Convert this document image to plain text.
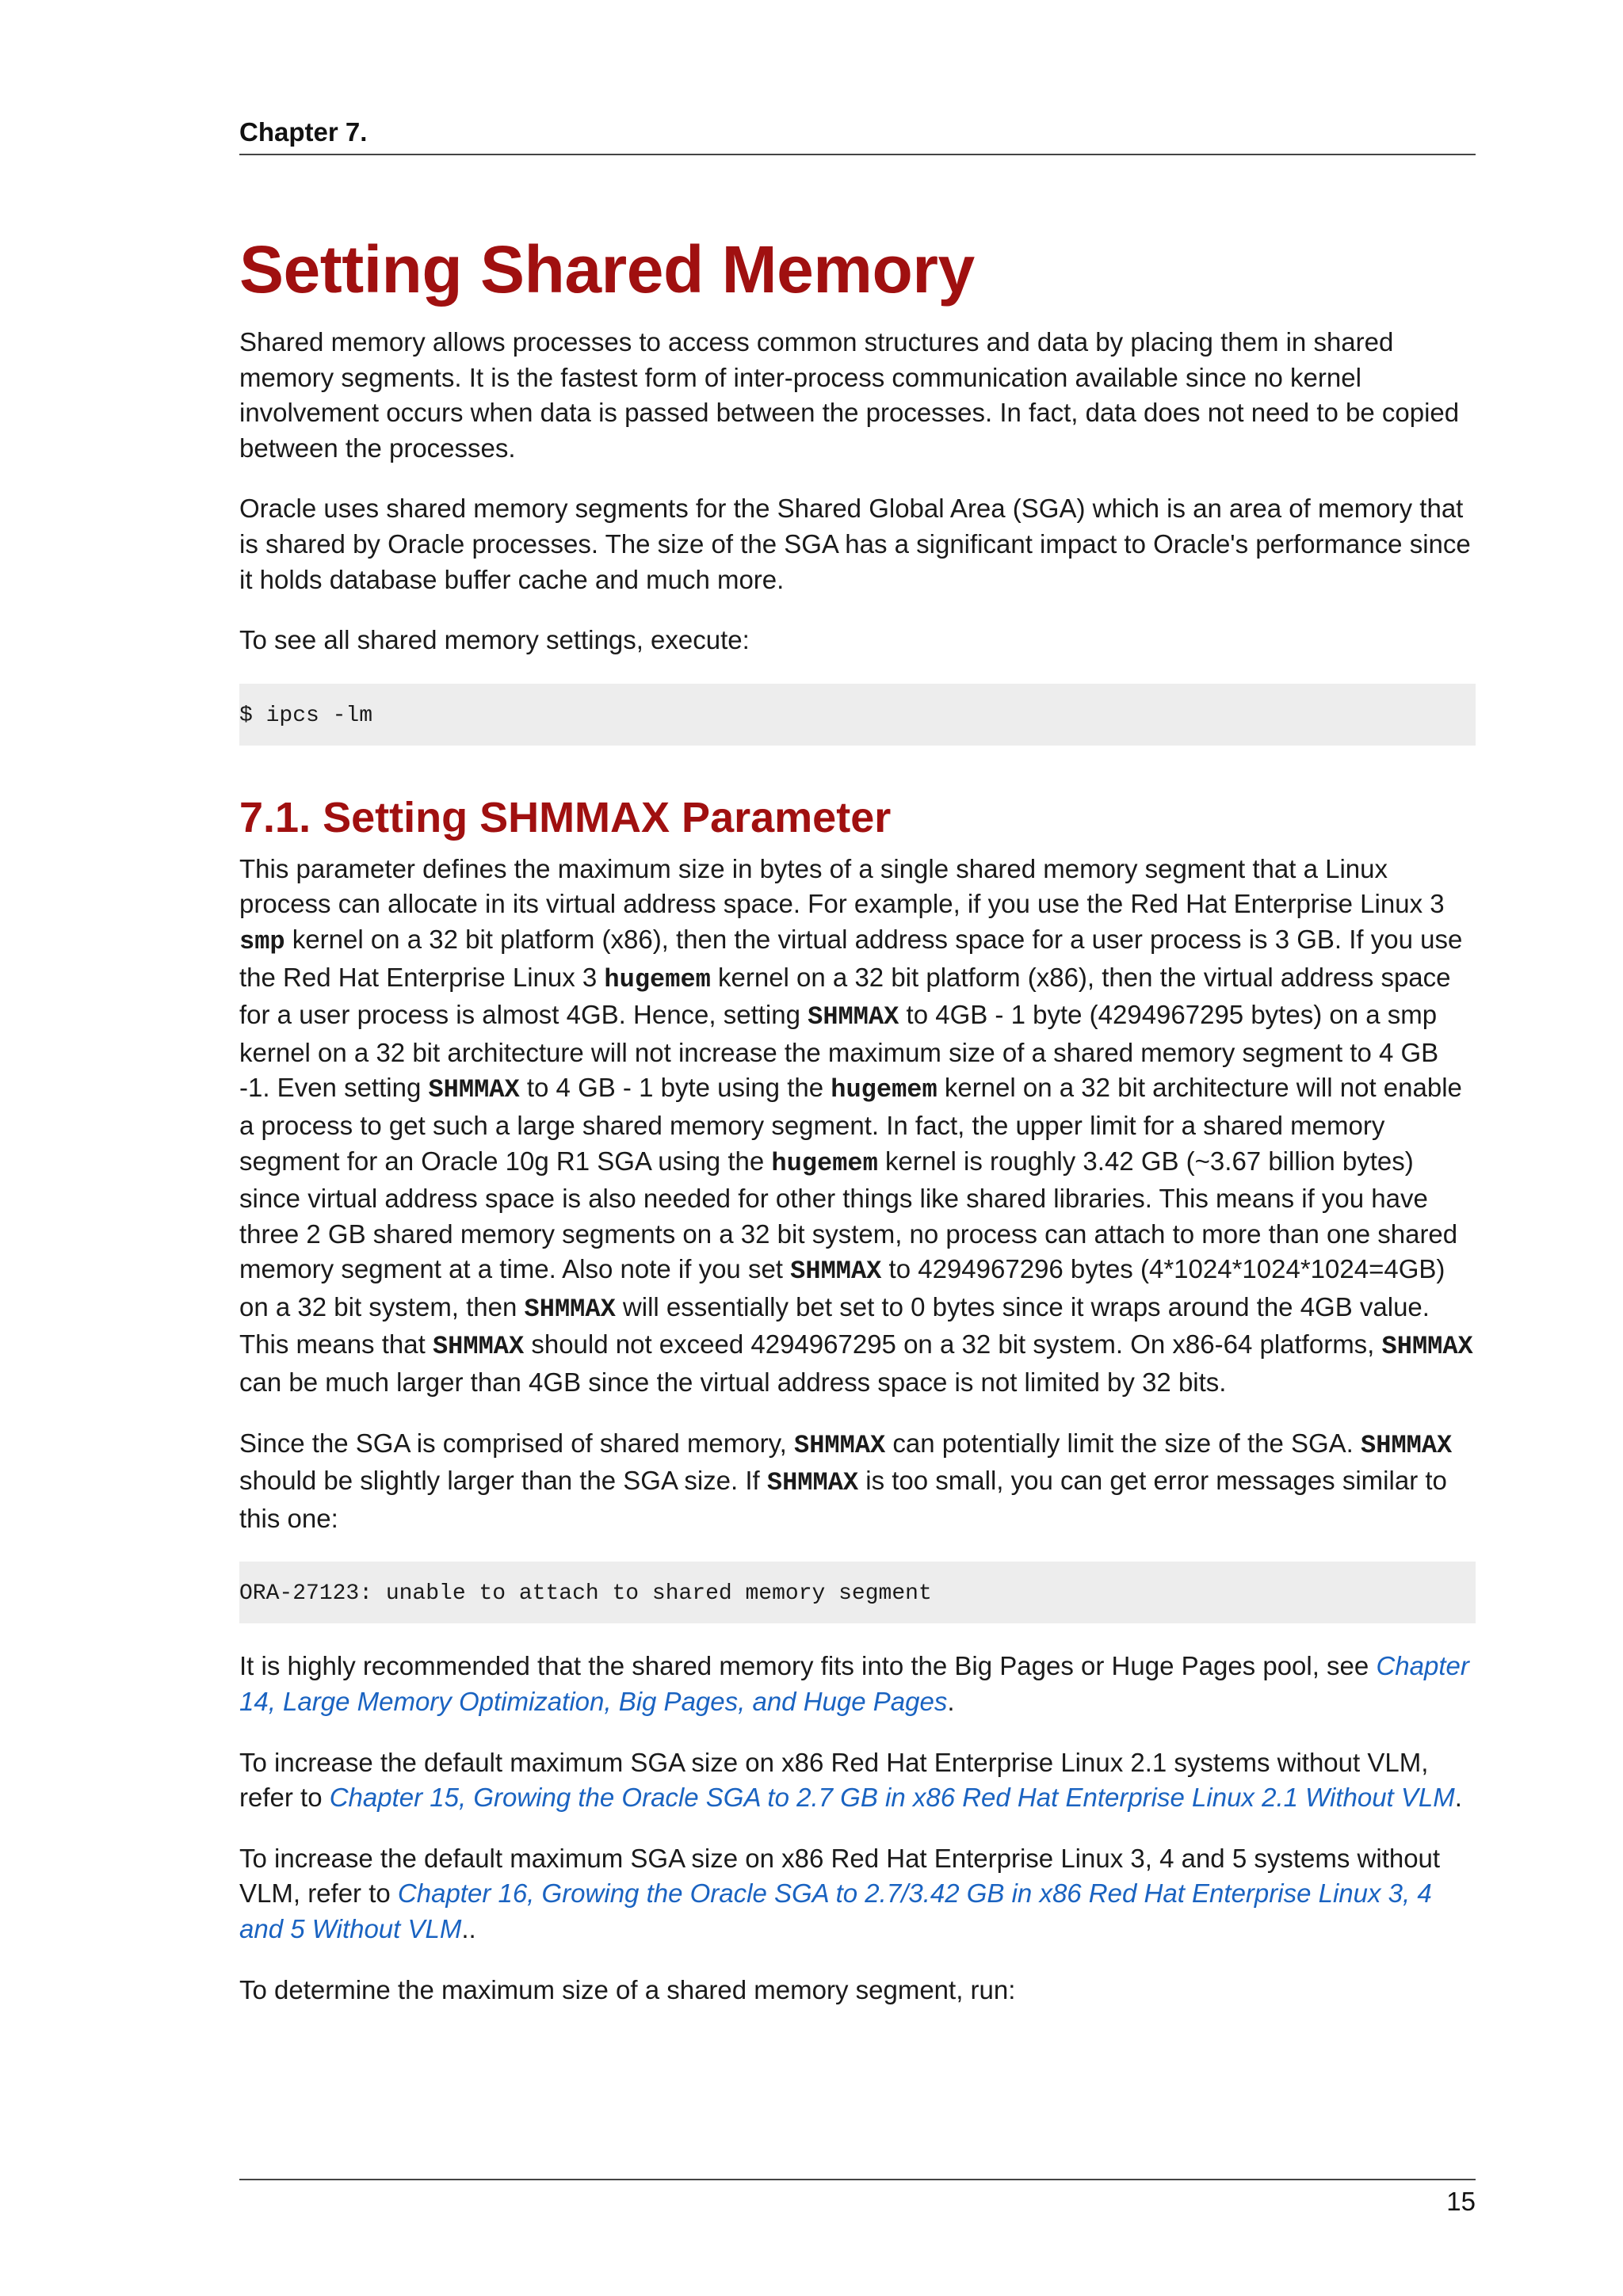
Chapter 7.
Setting Shared Memory

Shared memory allows processes to access common structures and data by placing them in shared memory segments. It is the fastest form of inter-process communication available since no kernel involvement occurs when data is passed between the processes. In fact, data does not need to be copied between the processes.

Oracle uses shared memory segments for the Shared Global Area (SGA) which is an area of memory that is shared by Oracle processes. The size of the SGA has a significant impact to Oracle's performance since it holds database buffer cache and much more.

To see all shared memory settings, execute:

$ ipcs -lm
7.1. Setting SHMMAX Parameter

This parameter defines the maximum size in bytes of a single shared memory segment that a Linux process can allocate in its virtual address space. For example, if you use the Red Hat Enterprise Linux 3 smp kernel on a 32 bit platform (x86), then the virtual address space for a user process is 3 GB. If you use the Red Hat Enterprise Linux 3 hugemem kernel on a 32 bit platform (x86), then the virtual address space for a user process is almost 4GB. Hence, setting SHMMAX to 4GB - 1 byte (4294967295 bytes) on a smp kernel on a 32 bit architecture will not increase the maximum size of a shared memory segment to 4 GB -1. Even setting SHMMAX to 4 GB - 1 byte using the hugemem kernel on a 32 bit architecture will not enable a process to get such a large shared memory segment. In fact, the upper limit for a shared memory segment for an Oracle 10g R1 SGA using the hugemem kernel is roughly 3.42 GB (~3.67 billion bytes) since virtual address space is also needed for other things like shared libraries. This means if you have three 2 GB shared memory segments on a 32 bit system, no process can attach to more than one shared memory segment at a time. Also note if you set SHMMAX to 4294967296 bytes (4*1024*1024*1024=4GB) on a 32 bit system, then SHMMAX will essentially bet set to 0 bytes since it wraps around the 4GB value. This means that SHMMAX should not exceed 4294967295 on a 32 bit system. On x86-64 platforms, SHMMAX can be much larger than 4GB since the virtual address space is not limited by 32 bits.

Since the SGA is comprised of shared memory, SHMMAX can potentially limit the size of the SGA. SHMMAX should be slightly larger than the SGA size. If SHMMAX is too small, you can get error messages similar to this one:

ORA-27123: unable to attach to shared memory segment

It is highly recommended that the shared memory fits into the Big Pages or Huge Pages pool, see Chapter 14, Large Memory Optimization, Big Pages, and Huge Pages.

To increase the default maximum SGA size on x86 Red Hat Enterprise Linux 2.1 systems without VLM, refer to Chapter 15, Growing the Oracle SGA to 2.7 GB in x86 Red Hat Enterprise Linux 2.1 Without VLM.

To increase the default maximum SGA size on x86 Red Hat Enterprise Linux 3, 4 and 5 systems without VLM, refer to Chapter 16, Growing the Oracle SGA to 2.7/3.42 GB in x86 Red Hat Enterprise Linux 3, 4 and 5 Without VLM..

To determine the maximum size of a shared memory segment, run:

15
